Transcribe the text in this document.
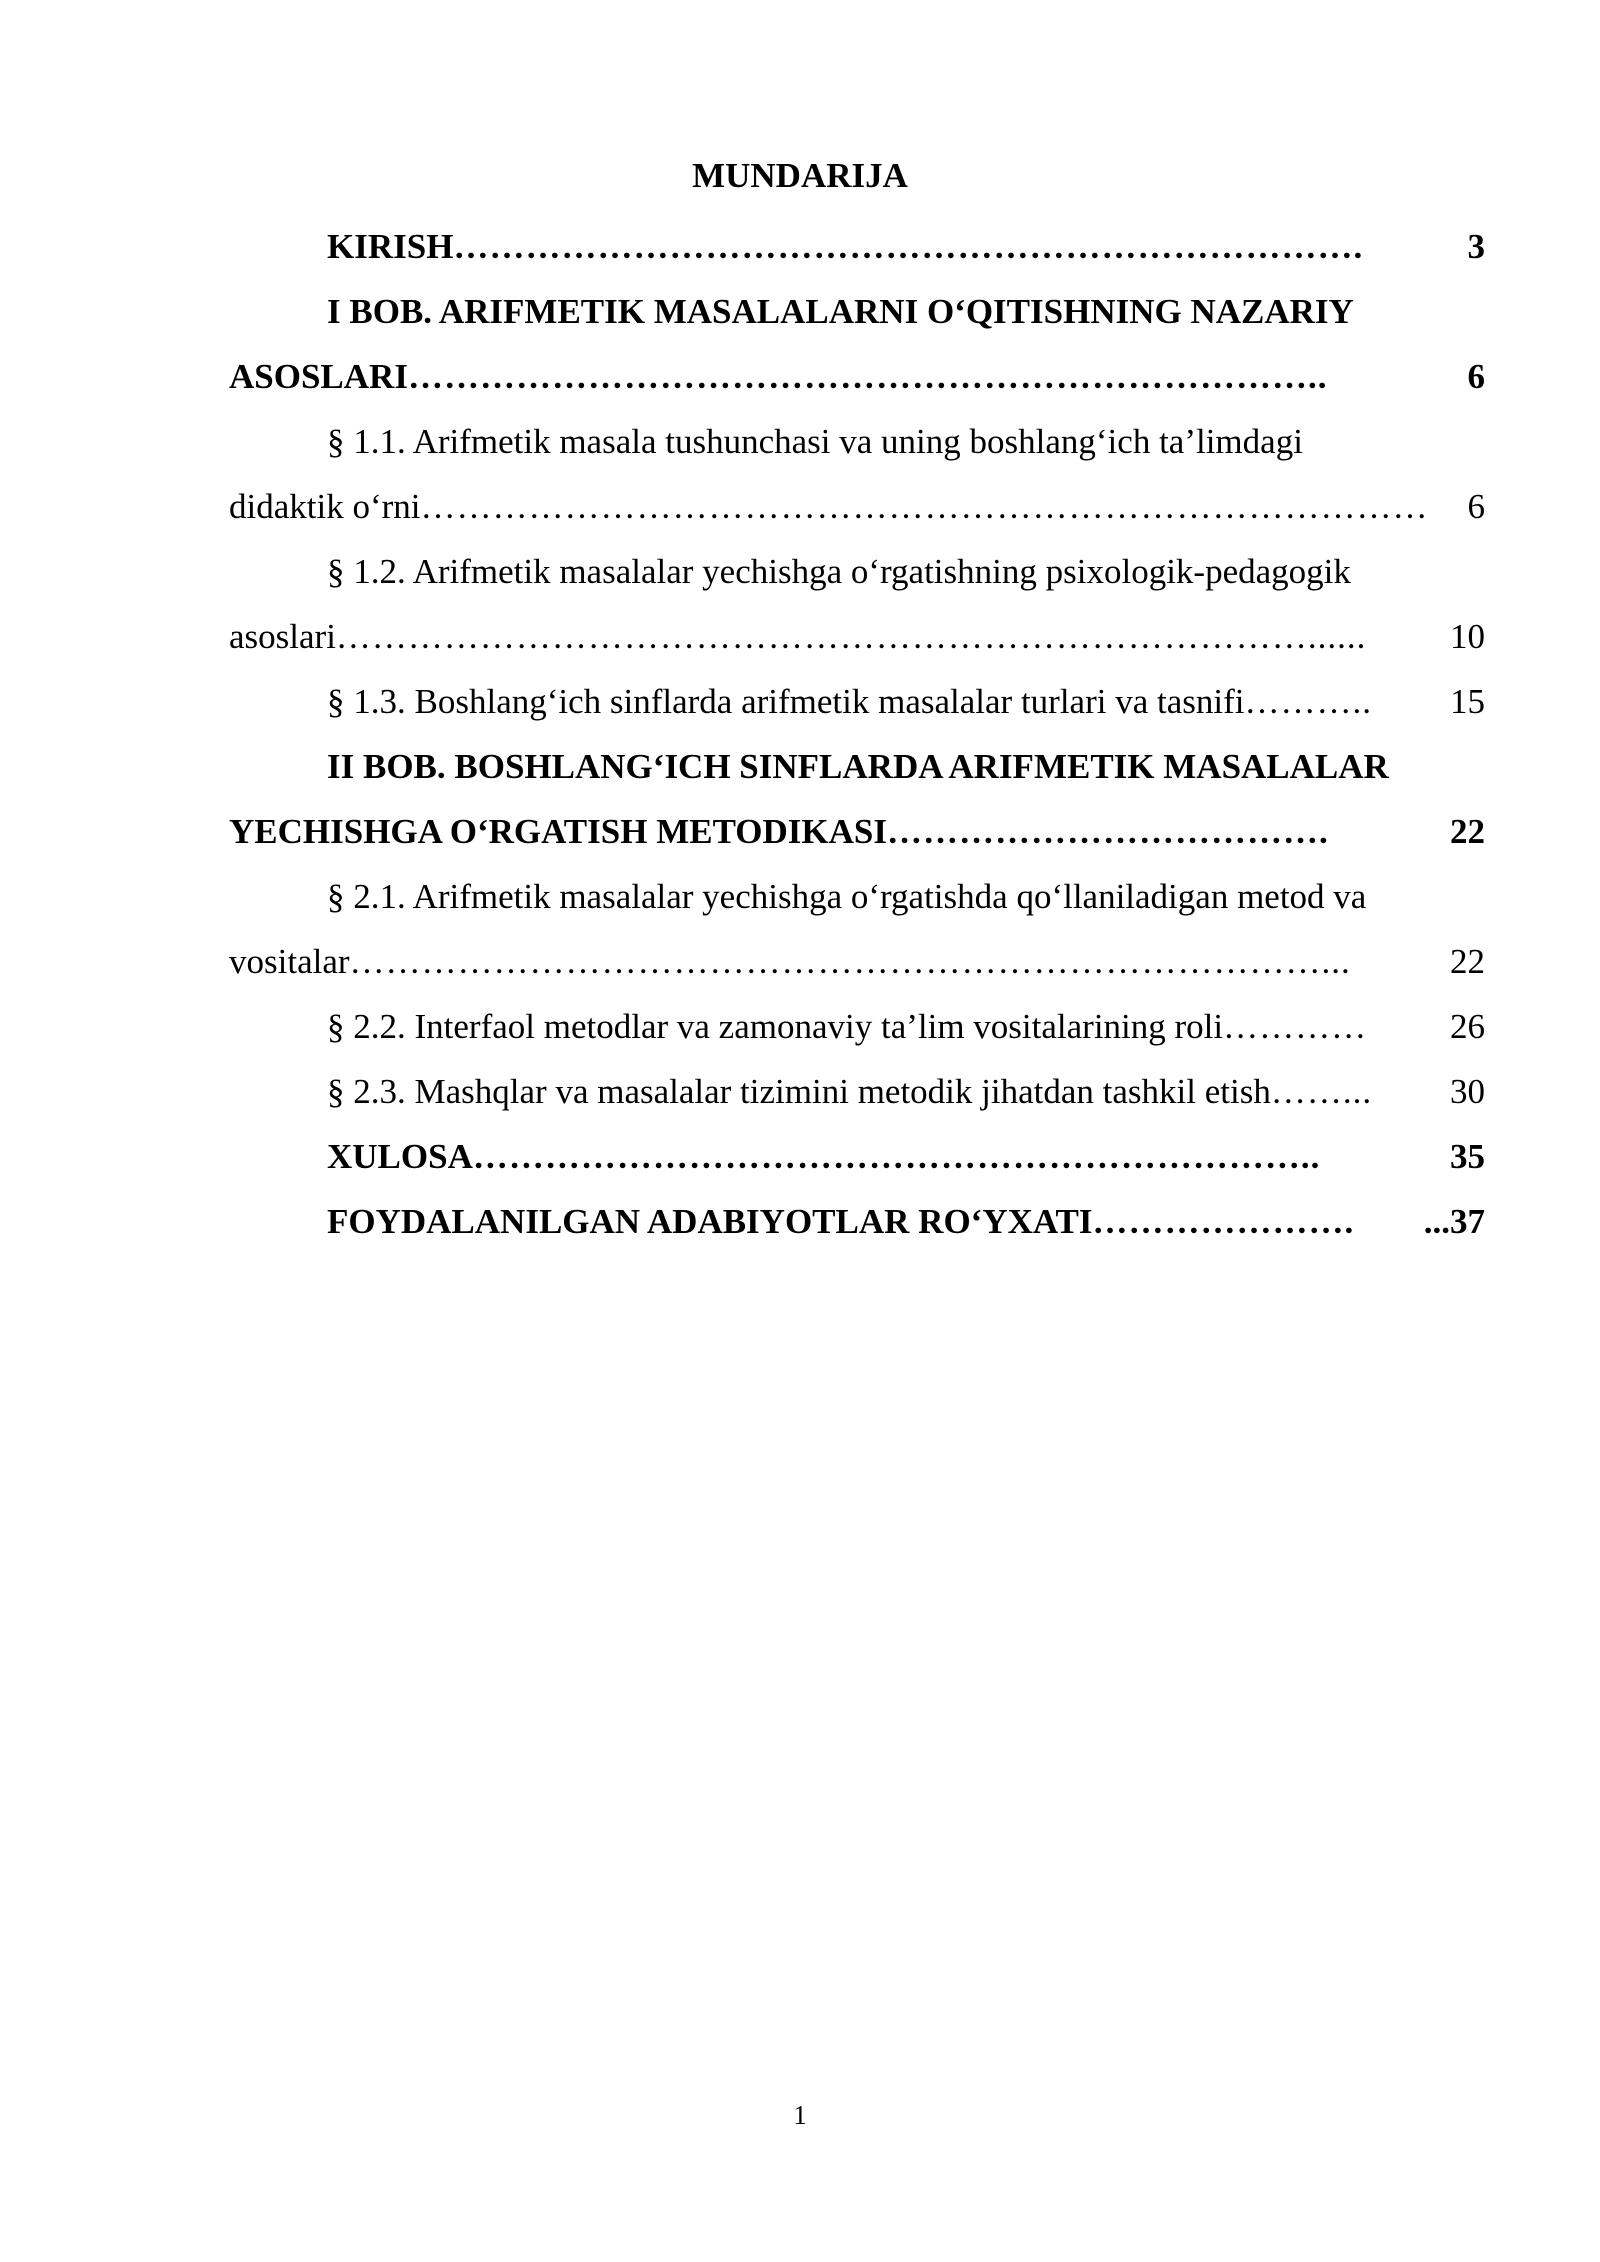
MUNDARIJA
KIRISH ………………………………………………………………….	3
I BOB. ARIFMETIK MASALALARNI O‘QITISHNING NAZARIY
ASOSLARI …………………………………………………………………..	6
§ 1.1. Arifmetik masala tushunchasi va uning boshlang‘ich ta’limdagi
didaktik o‘rni …………………………………………………………………………	6
§ 1.2. Arifmetik masalalar yechishga o‘rgatishning psixologik-pedagogik
asoslari ………………………………………………………………………......	10
§ 1.3. Boshlang‘ich sinflarda arifmetik masalalar turlari va tasnifi ………..	15
II BOB. BOSHLANG‘ICH SINFLARDA ARIFMETIK MASALALAR
YECHISHGA O‘RGATISH METODIKASI ……………………………….	22
§ 2.1. Arifmetik masalalar yechishga o‘rgatishda qo‘llaniladigan metod va
vositalar ………………………………………………………………………...	22
§ 2.2. Interfaol metodlar va zamonaviy ta’lim vositalarining roli …………	26
§ 2.3. Mashqlar va masalalar tizimini metodik jihatdan tashkil etish ……...	30
XULOSA ……………………………………………………………..	35
FOYDALANILGAN ADABIYOTLAR RO‘YXATI ………………….	...37
1
